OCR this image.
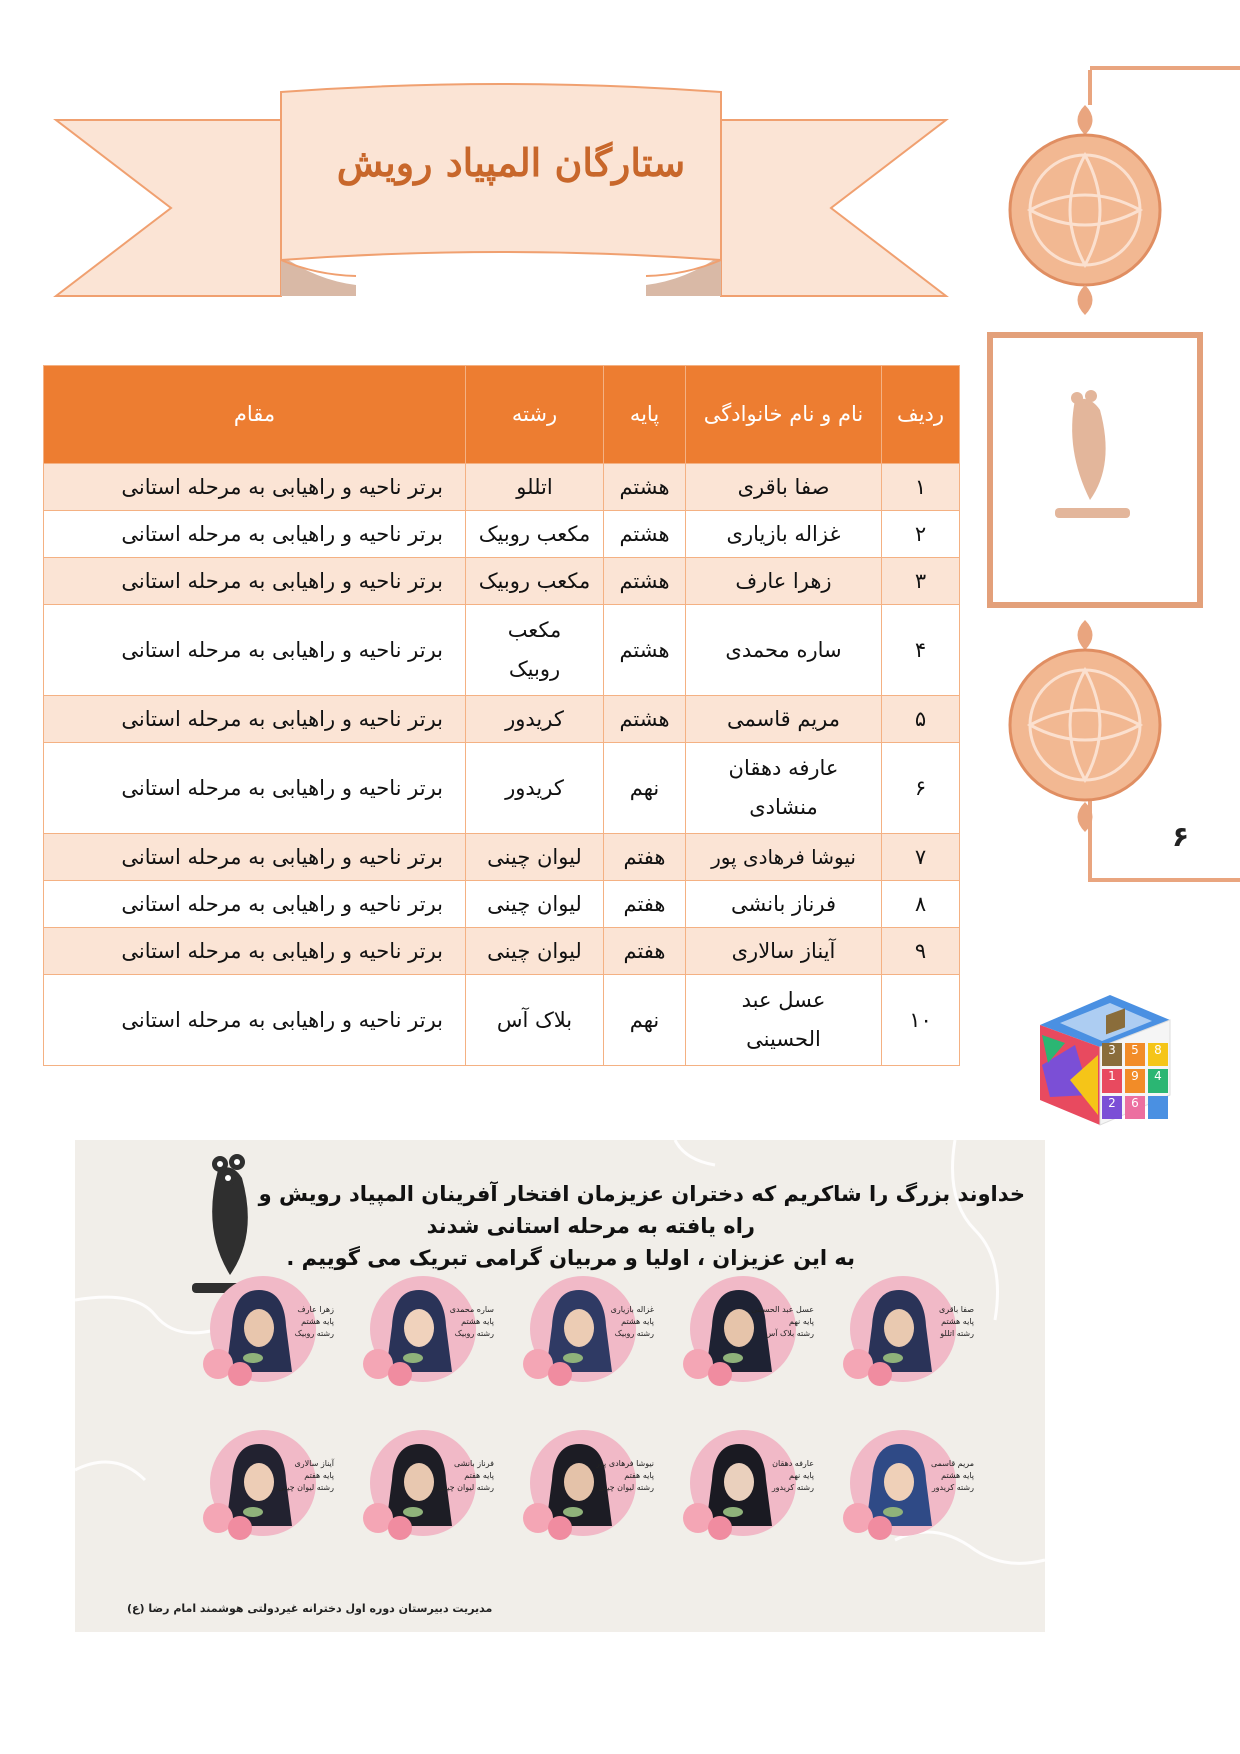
ستارگان المپیاد رویش
۶
ردیف	نام و نام خانوادگی	پایه	رشته	مقام
۱	صفا باقری	هشتم	اتللو	برتر ناحیه و راهیابی به مرحله استانی
۲	غزاله بازیاری	هشتم	مکعب روبیک	برتر ناحیه و راهیابی به مرحله استانی
۳	زهرا عارف	هشتم	مکعب روبیک	برتر ناحیه و راهیابی به مرحله استانی
۴	ساره محمدی	هشتم	مکعب روبیک	برتر ناحیه و راهیابی به مرحله استانی
۵	مریم قاسمی	هشتم	کریدور	برتر ناحیه و راهیابی به مرحله استانی
۶	عارفه دهقان منشادی	نهم	کریدور	برتر ناحیه و راهیابی به مرحله استانی
۷	نیوشا فرهادی پور	هفتم	لیوان چینی	برتر ناحیه و راهیابی به مرحله استانی
۸	فرناز بانشی	هفتم	لیوان چینی	برتر ناحیه و راهیابی به مرحله استانی
۹	آیناز سالاری	هفتم	لیوان چینی	برتر ناحیه و راهیابی به مرحله استانی
۱۰	عسل عبد الحسینی	نهم	بلاک آس	برتر ناحیه و راهیابی به مرحله استانی
3	5	8
1	9	4
2	6
خداوند بزرگ را شاکریم که دختران عزیزمان افتخار آفرینان المپیاد رویش و
راه یافته به مرحله استانی شدند
به این عزیزان ، اولیا و مربیان گرامی تبریک می گوییم .
صفا باقری
پایه هشتم
رشته اتللو
عسل عبد الحسینی
پایه نهم
رشته بلاک آس
غزاله بازیاری
پایه هشتم
رشته روبیک
ساره محمدی
پایه هشتم
رشته روبیک
زهرا عارف
پایه هشتم
رشته روبیک
مریم قاسمی
پایه هشتم
رشته کریدور
عارفه دهقان
پایه نهم
رشته کریدور
نیوشا فرهادی پور
پایه هفتم
رشته لیوان چینی
فرناز بانشی
پایه هفتم
رشته لیوان چینی
آیناز سالاری
پایه هفتم
رشته لیوان چینی
مدیریت دبیرستان دوره اول دخترانه غیردولتی هوشمند امام رضا (ع)
